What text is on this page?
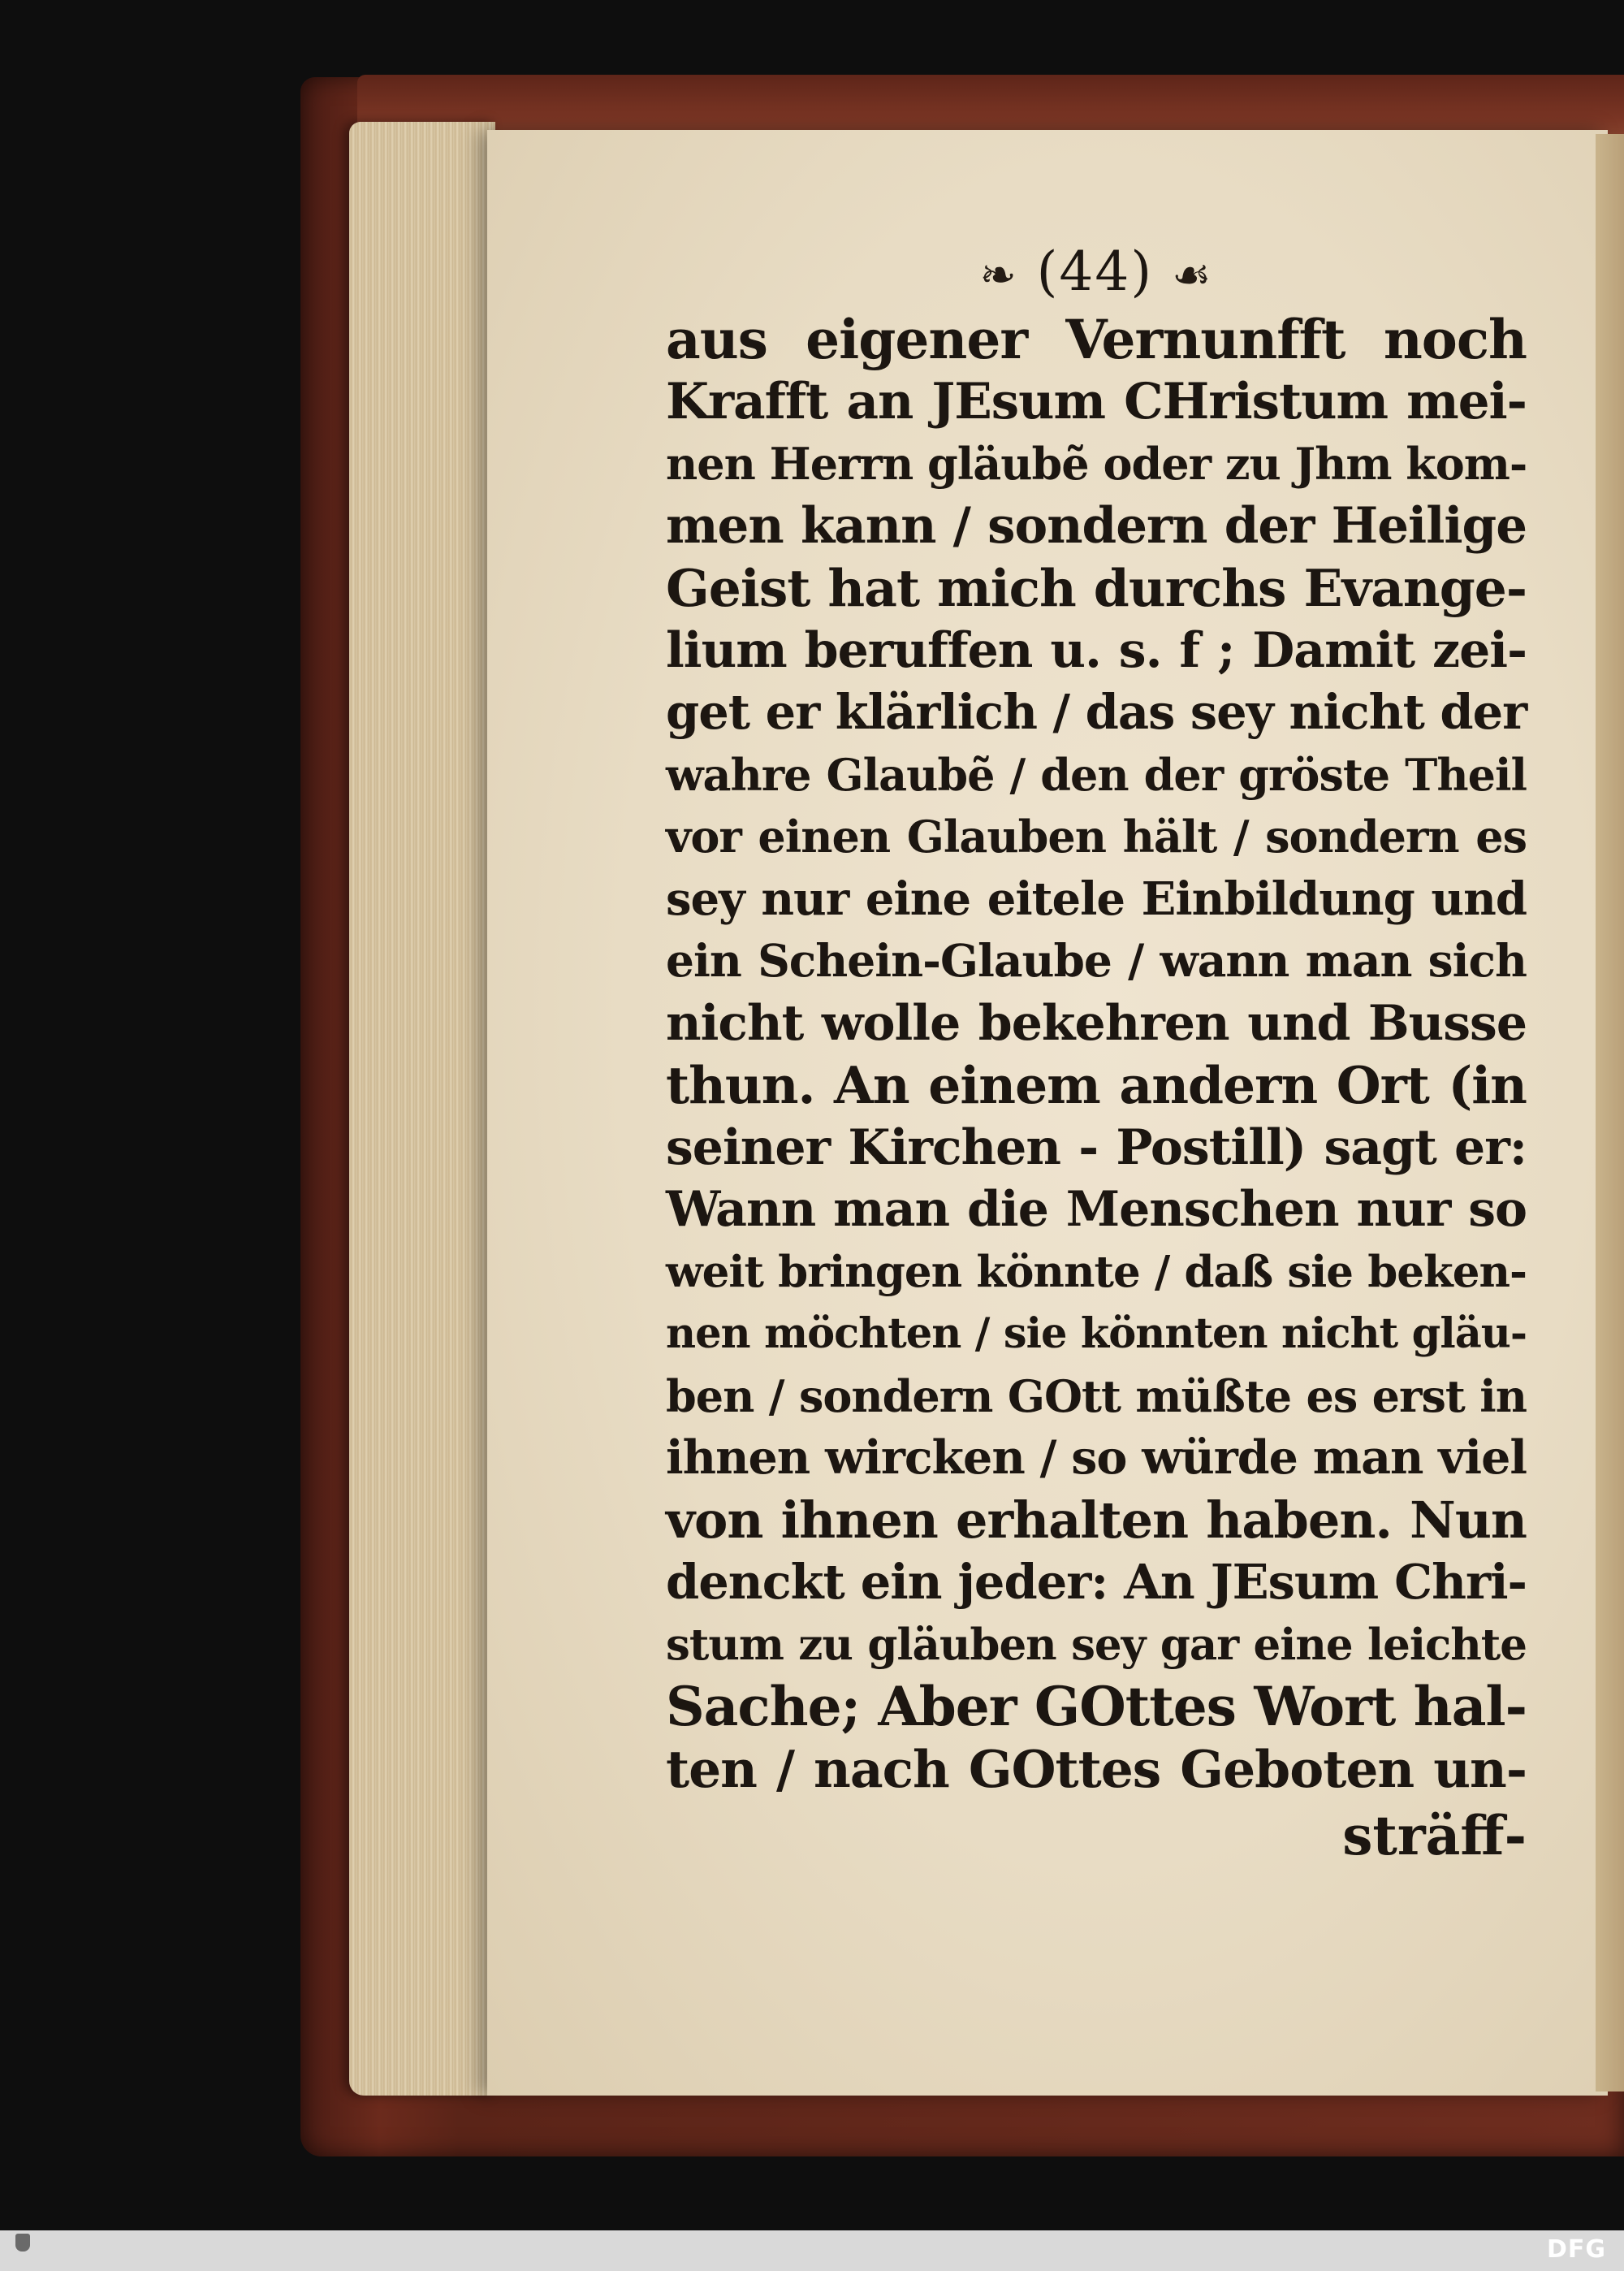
❧ (44) ☙
aus eigener Vernunfft noch
Krafft an JEsum CHristum mei-
nen Herrn gläubẽ oder zu Jhm kom-
men kann / sondern der Heilige
Geist hat mich durchs Evange-
lium beruffen u. s. f ; Damit zei-
get er klärlich / das sey nicht der
wahre Glaubẽ / den der gröste Theil
vor einen Glauben hält / sondern es
sey nur eine eitele Einbildung und
ein Schein-Glaube / wann man sich
nicht wolle bekehren und Busse
thun. An einem andern Ort (in
seiner Kirchen - Postill) sagt er:
Wann man die Menschen nur so
weit bringen könnte / daß sie beken-
nen möchten / sie könnten nicht gläu-
ben / sondern GOtt müßte es erst in
ihnen wircken / so würde man viel
von ihnen erhalten haben. Nun
denckt ein jeder: An JEsum Chri-
stum zu gläuben sey gar eine leichte
Sache; Aber GOttes Wort hal-
ten / nach GOttes Geboten un-
sträff-
DFG
